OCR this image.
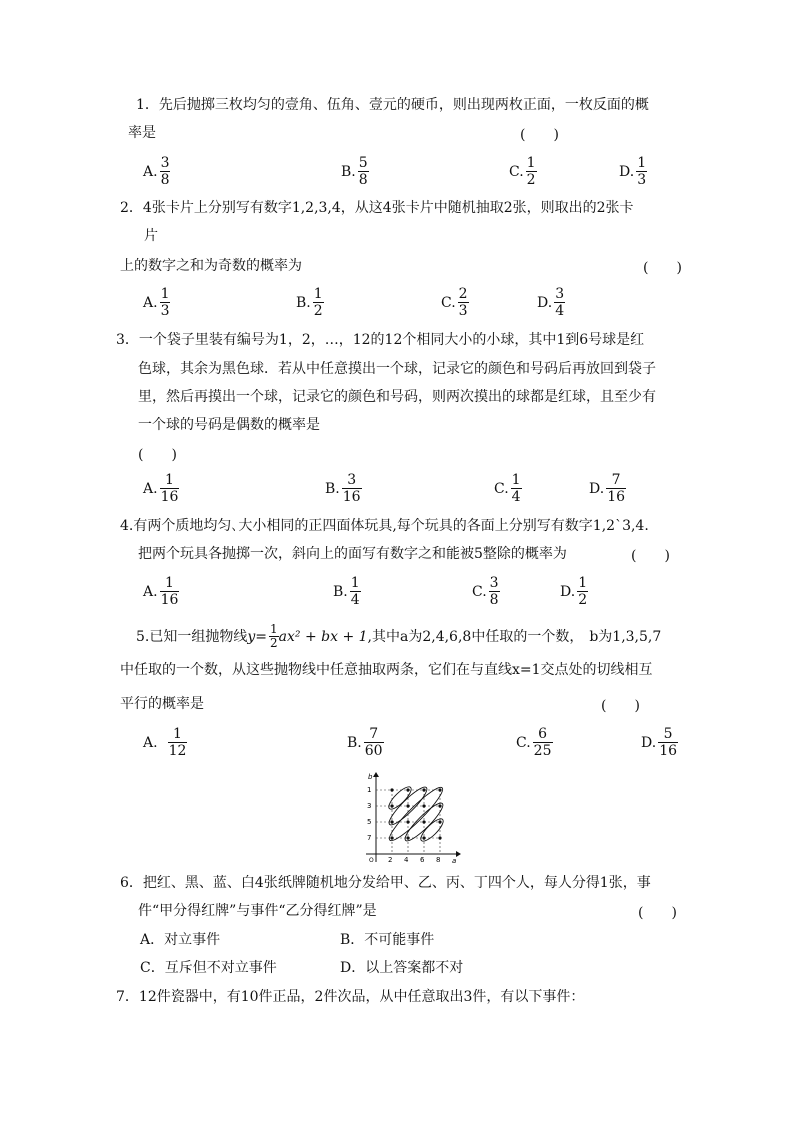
1．先后抛掷三枚均匀的壹角、伍角、壹元的硬币，则出现两枚正面，一枚反面的概
率是	(　　)
A. $\frac{3}{8}$	B. $\frac{5}{8}$	C. $\frac{1}{2}$	D. $\frac{1}{3}$
2．4张卡片上分别写有数字1,2,3,4，从这4张卡片中随机抽取2张，则取出的2张卡
片
上的数字之和为奇数的概率为	(　　)
A. $\frac{1}{3}$	B. $\frac{1}{2}$	C. $\frac{2}{3}$	D. $\frac{3}{4}$
3．一个袋子里装有编号为1，2，…，12的12个相同大小的小球，其中1到6号球是红
色球，其余为黑色球．若从中任意摸出一个球，记录它的颜色和号码后再放回到袋子
里，然后再摸出一个球，记录它的颜色和号码，则两次摸出的球都是红球，且至少有
一个球的号码是偶数的概率是
(　　)
A. $\frac{1}{16}$	B. $\frac{3}{16}$	C. $\frac{1}{4}$	D. $\frac{7}{16}$
4.有两个质地均匀､大小相同的正四面体玩具,每个玩具的各面上分别写有数字1,2`3,4.
把两个玩具各抛掷一次，斜向上的面写有数字之和能被5整除的概率为	(　　)
A. $\frac{1}{16}$	B. $\frac{1}{4}$	C. $\frac{3}{8}$	D. $\frac{1}{2}$
5.已知一组抛物线 $y = \frac{1}{2} ax^2$ + bx + 1 ,其中 a为2,4,6,8中任取的一个数， b为1,3,5,7
中任取的一个数，从这些抛物线中任意抽取两条，它们在与直线x=1交点处的切线相互
平行的概率是	(　　)
A. $\frac{1}{12}$	B. $\frac{7}{60}$	C. $\frac{6}{25}$	D. $\frac{5}{16}$
a
b
O 2 4 6 8
1
3
5
7
6．把红、黑、蓝、白4张纸牌随机地分发给甲、乙、丙、丁四个人，每人分得1张，事
件“甲分得红牌”与事件“乙分得红牌”是	(　　)
A．对立事件	B．不可能事件
C．互斥但不对立事件	D．以上答案都不对
7．12件瓷器中，有10件正品，2件次品，从中任意取出3件，有以下事件：
